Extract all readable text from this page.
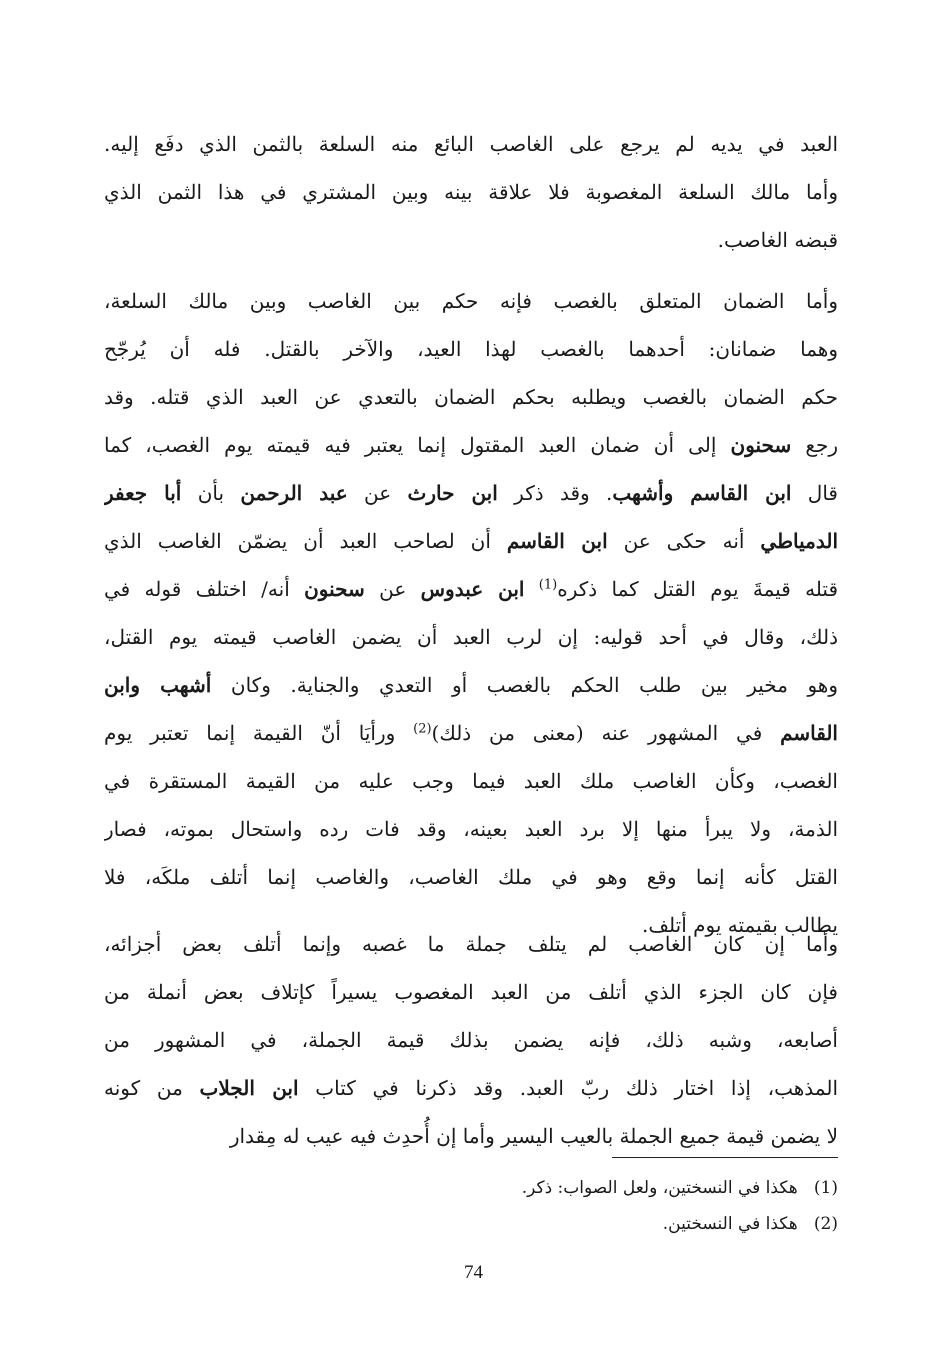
العبد في يديه لم يرجع على الغاصب البائع منه السلعة بالثمن الذي دفَع إليه.
وأما مالك السلعة المغصوبة فلا علاقة بينه وبين المشتري في هذا الثمن الذي
قبضه الغاصب.
وأما الضمان المتعلق بالغصب فإنه حكم بين الغاصب وبين مالك السلعة،
وهما ضمانان: أحدهما بالغصب لهذا العيد، والآخر بالقتل. فله أن يُرجّح
حكم الضمان بالغصب ويطلبه بحكم الضمان بالتعدي عن العبد الذي قتله. وقد
رجع سحنون إلى أن ضمان العبد المقتول إنما يعتبر فيه قيمته يوم الغصب، كما
قال ابن القاسم وأشهب. وقد ذكر ابن حارث عن عبد الرحمن بأن أبا جعفر
الدمياطي أنه حكى عن ابن القاسم أن لصاحب العبد أن يضمّن الغاصب الذي
قتله قيمةَ يوم القتل كما ذكره$^{(1)}$ ابن عبدوس عن سحنون أنه/ اختلف قوله في
ذلك، وقال في أحد قوليه: إن لرب العبد أن يضمن الغاصب قيمته يوم القتل،
وهو مخير بين طلب الحكم بالغصب أو التعدي والجناية. وكان أشهب وابن
القاسم في المشهور عنه (معنى من ذلك)$^{(2)}$ ورأيَا أنّ القيمة إنما تعتبر يوم
الغصب، وكأن الغاصب ملك العبد فيما وجب عليه من القيمة المستقرة في
الذمة، ولا يبرأ منها إلا برد العبد بعينه، وقد فات رده واستحال بموته، فصار
القتل كأنه إنما وقع وهو في ملك الغاصب، والغاصب إنما أتلف ملكَه، فلا
يطالب بقيمته يوم أتلف.
وأما إن كان الغاصب لم يتلف جملة ما غصبه وإنما أتلف بعض أجزائه،
فإن كان الجزء الذي أتلف من العبد المغصوب يسيراً كإتلاف بعض أنملة من
أصابعه، وشبه ذلك، فإنه يضمن بذلك قيمة الجملة، في المشهور من
المذهب، إذا اختار ذلك ربّ العبد. وقد ذكرنا في كتاب ابن الجلاب من كونه
لا يضمن قيمة جميع الجملة بالعيب اليسير وأما إن أُحدِث فيه عيب له مِقدار
(1)   هكذا في النسختين، ولعل الصواب: ذكر.
(2)   هكذا في النسختين.
74
